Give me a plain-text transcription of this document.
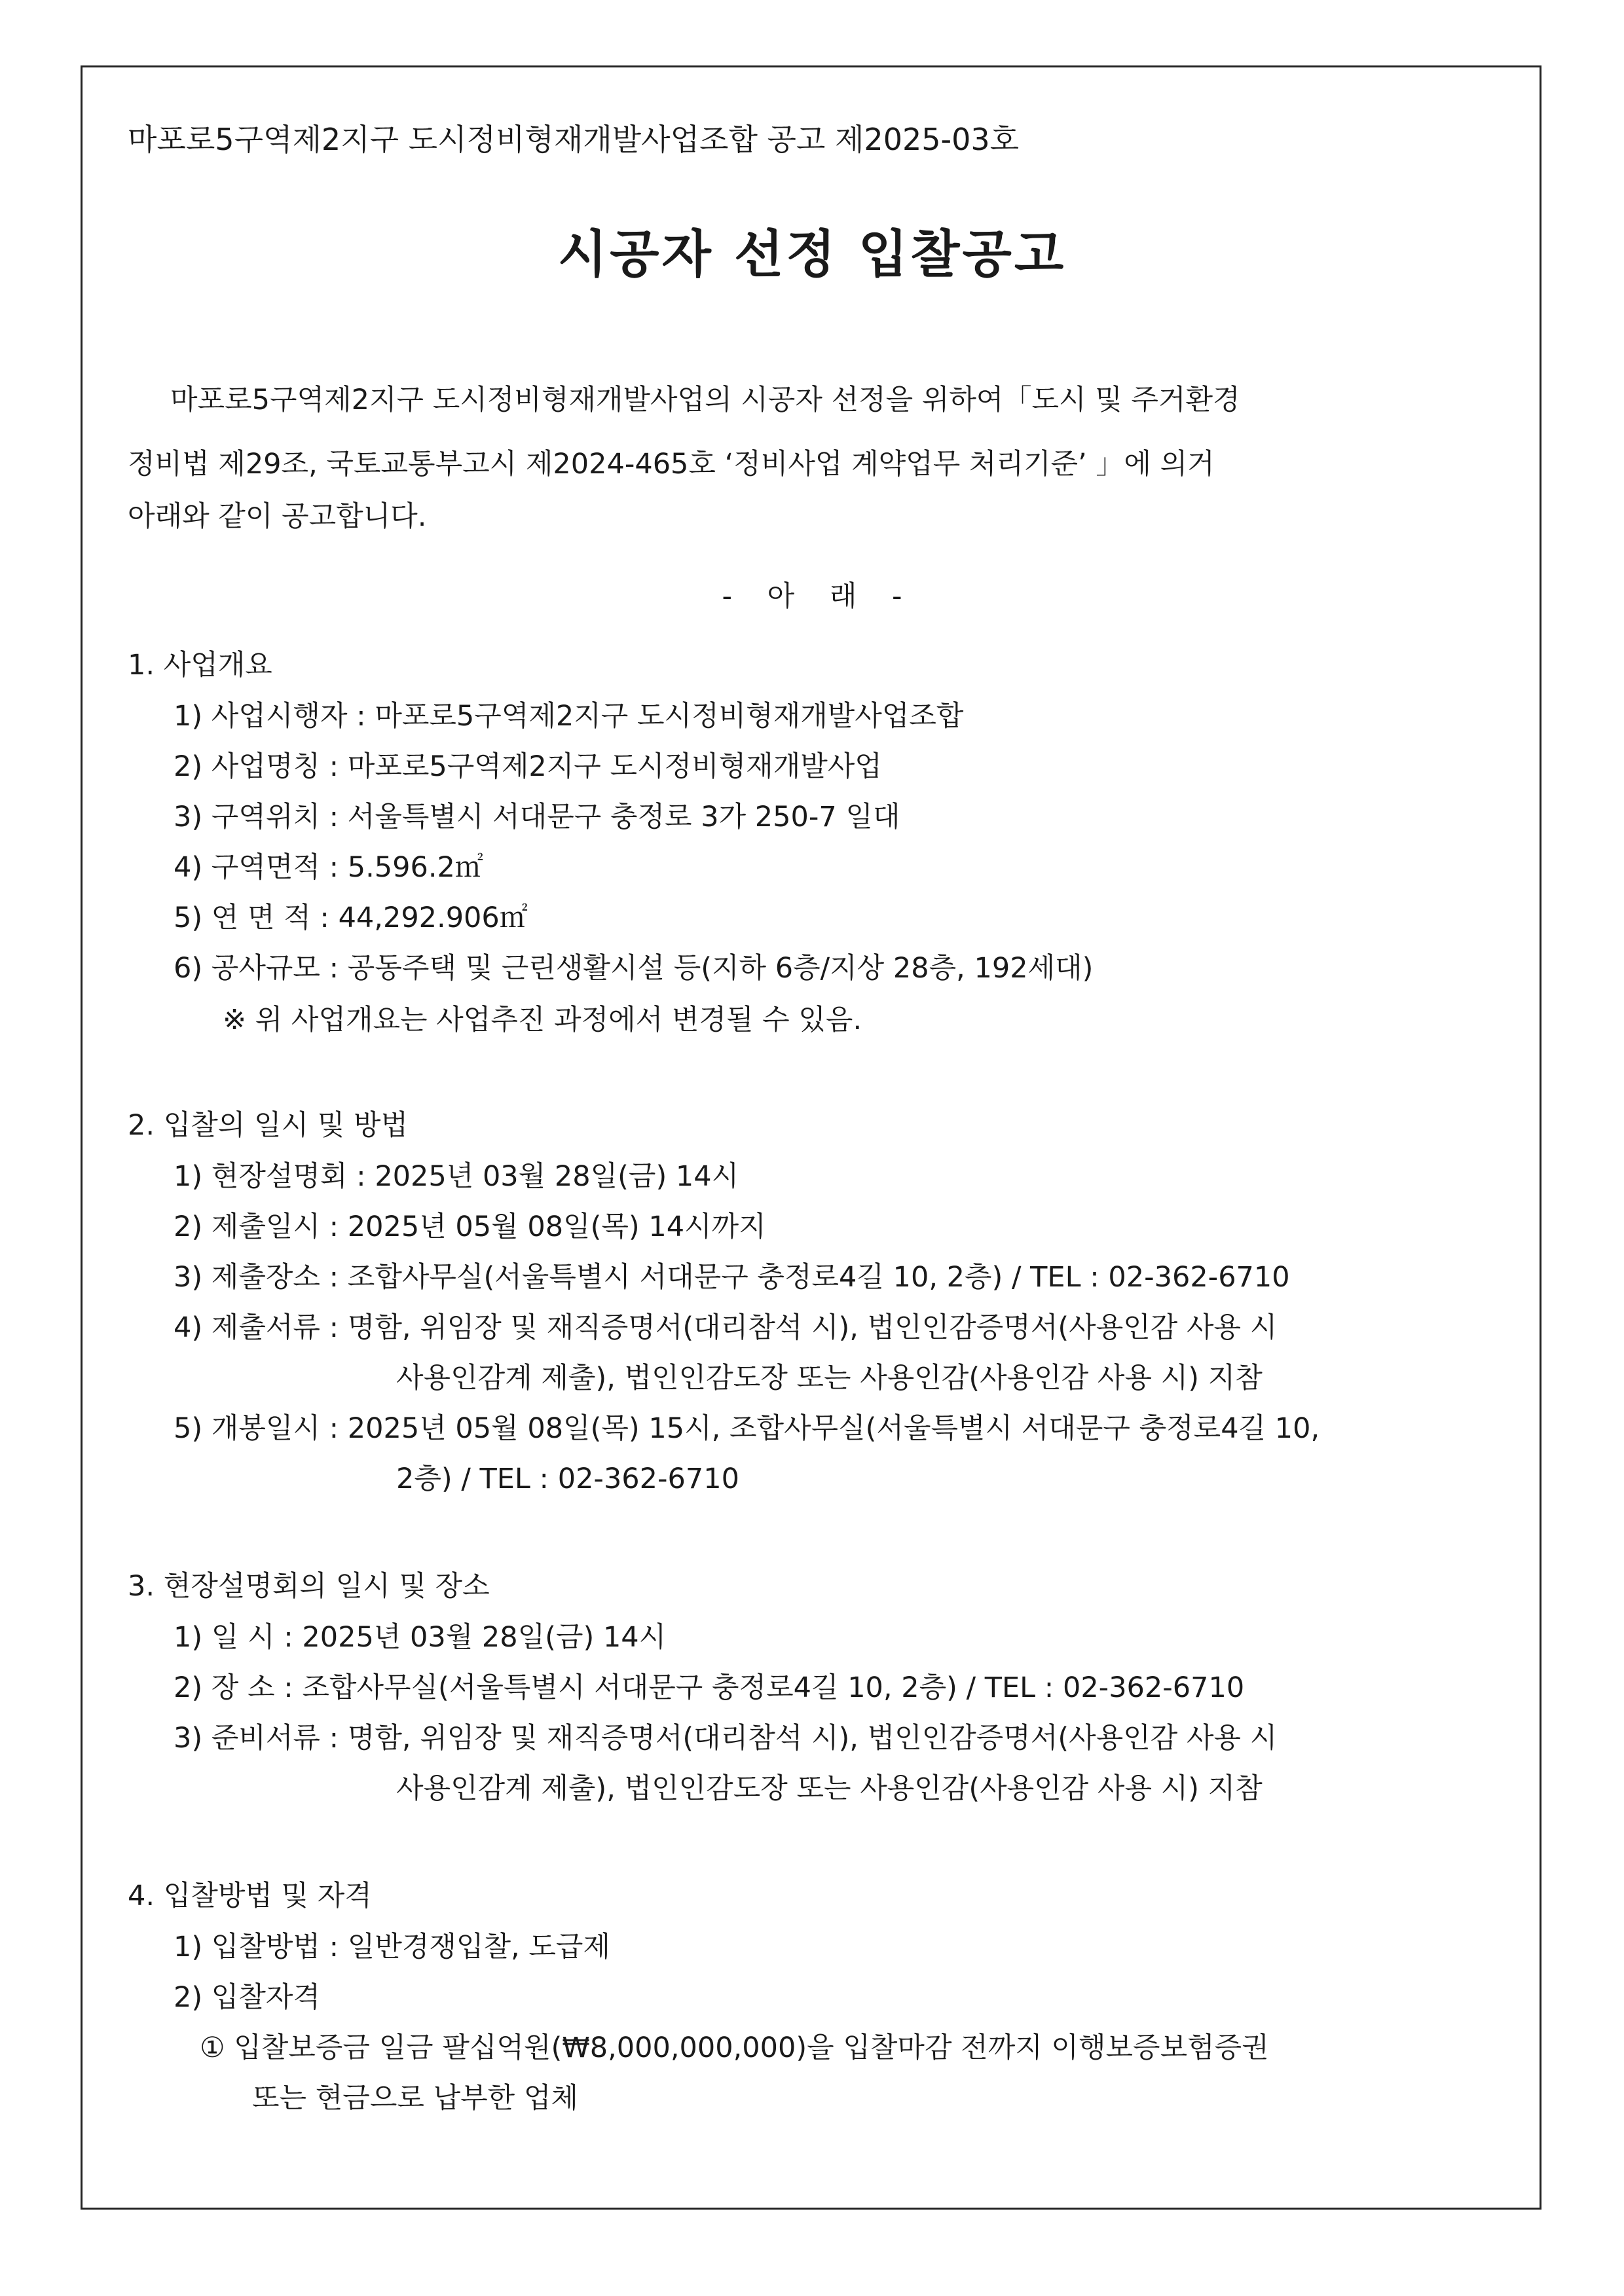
마포로5구역제2지구 도시정비형재개발사업조합 공고 제2025-03호
시공자 선정 입찰공고
마포로5구역제2지구 도시정비형재개발사업의 시공자 선정을 위하여「도시 및 주거환경
정비법 제29조, 국토교통부고시 제2024-465호 ‘정비사업 계약업무 처리기준’ 」에 의거
아래와 같이 공고합니다.
- 아 래 -
1. 사업개요
1) 사업시행자 : 마포로5구역제2지구 도시정비형재개발사업조합
2) 사업명칭 : 마포로5구역제2지구 도시정비형재개발사업
3) 구역위치 : 서울특별시 서대문구 충정로 3가 250-7 일대
4) 구역면적 : 5.596.2㎡
5) 연 면 적 : 44,292.906㎡
6) 공사규모 : 공동주택 및 근린생활시설 등(지하 6층/지상 28층, 192세대)
※ 위 사업개요는 사업추진 과정에서 변경될 수 있음.
2. 입찰의 일시 및 방법
1) 현장설명회 : 2025년 03월 28일(금) 14시
2) 제출일시 : 2025년 05월 08일(목) 14시까지
3) 제출장소 : 조합사무실(서울특별시 서대문구 충정로4길 10, 2층) / TEL : 02-362-6710
4) 제출서류 : 명함, 위임장 및 재직증명서(대리참석 시), 법인인감증명서(사용인감 사용 시
사용인감계 제출), 법인인감도장 또는 사용인감(사용인감 사용 시) 지참
5) 개봉일시 : 2025년 05월 08일(목) 15시, 조합사무실(서울특별시 서대문구 충정로4길 10,
2층) / TEL : 02-362-6710
3. 현장설명회의 일시 및 장소
1) 일 시 : 2025년 03월 28일(금) 14시
2) 장 소 : 조합사무실(서울특별시 서대문구 충정로4길 10, 2층) / TEL : 02-362-6710
3) 준비서류 : 명함, 위임장 및 재직증명서(대리참석 시), 법인인감증명서(사용인감 사용 시
사용인감계 제출), 법인인감도장 또는 사용인감(사용인감 사용 시) 지참
4. 입찰방법 및 자격
1) 입찰방법 : 일반경쟁입찰, 도급제
2) 입찰자격
① 입찰보증금 일금 팔십억원(₩8,000,000,000)을 입찰마감 전까지 이행보증보험증권
또는 현금으로 납부한 업체
